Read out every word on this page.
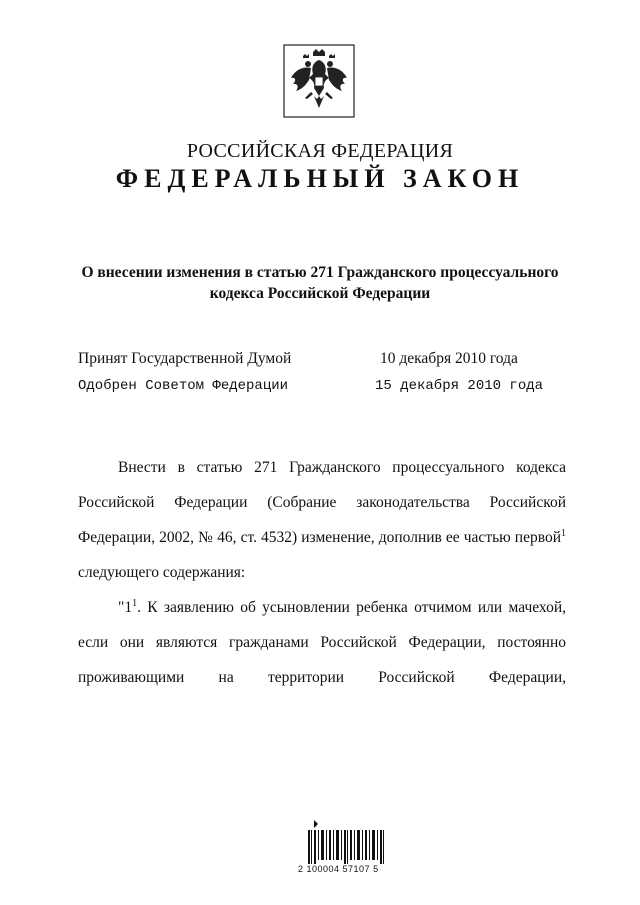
РОССИЙСКАЯ ФЕДЕРАЦИЯ
ФЕДЕРАЛЬНЫЙ ЗАКОН
О внесении изменения в статью 271 Гражданского процессуального
кодекса Российской Федерации
Принят Государственной Думой	10 декабря 2010 года
Одобрен Советом Федерации	15 декабря 2010 года

Внести в статью 271 Гражданского процессуального кодекса Российской Федерации (Собрание законодательства Российской Федерации, 2002, № 46, ст. 4532) изменение, дополнив ее частью первой$^1$ следующего содержания:

"$1^1$. К заявлению об усыновлении ребенка отчимом или мачехой, если они являются гражданами Российской Федерации, постоянно проживающими на территории Российской Федерации,

2 100004 57107 5
